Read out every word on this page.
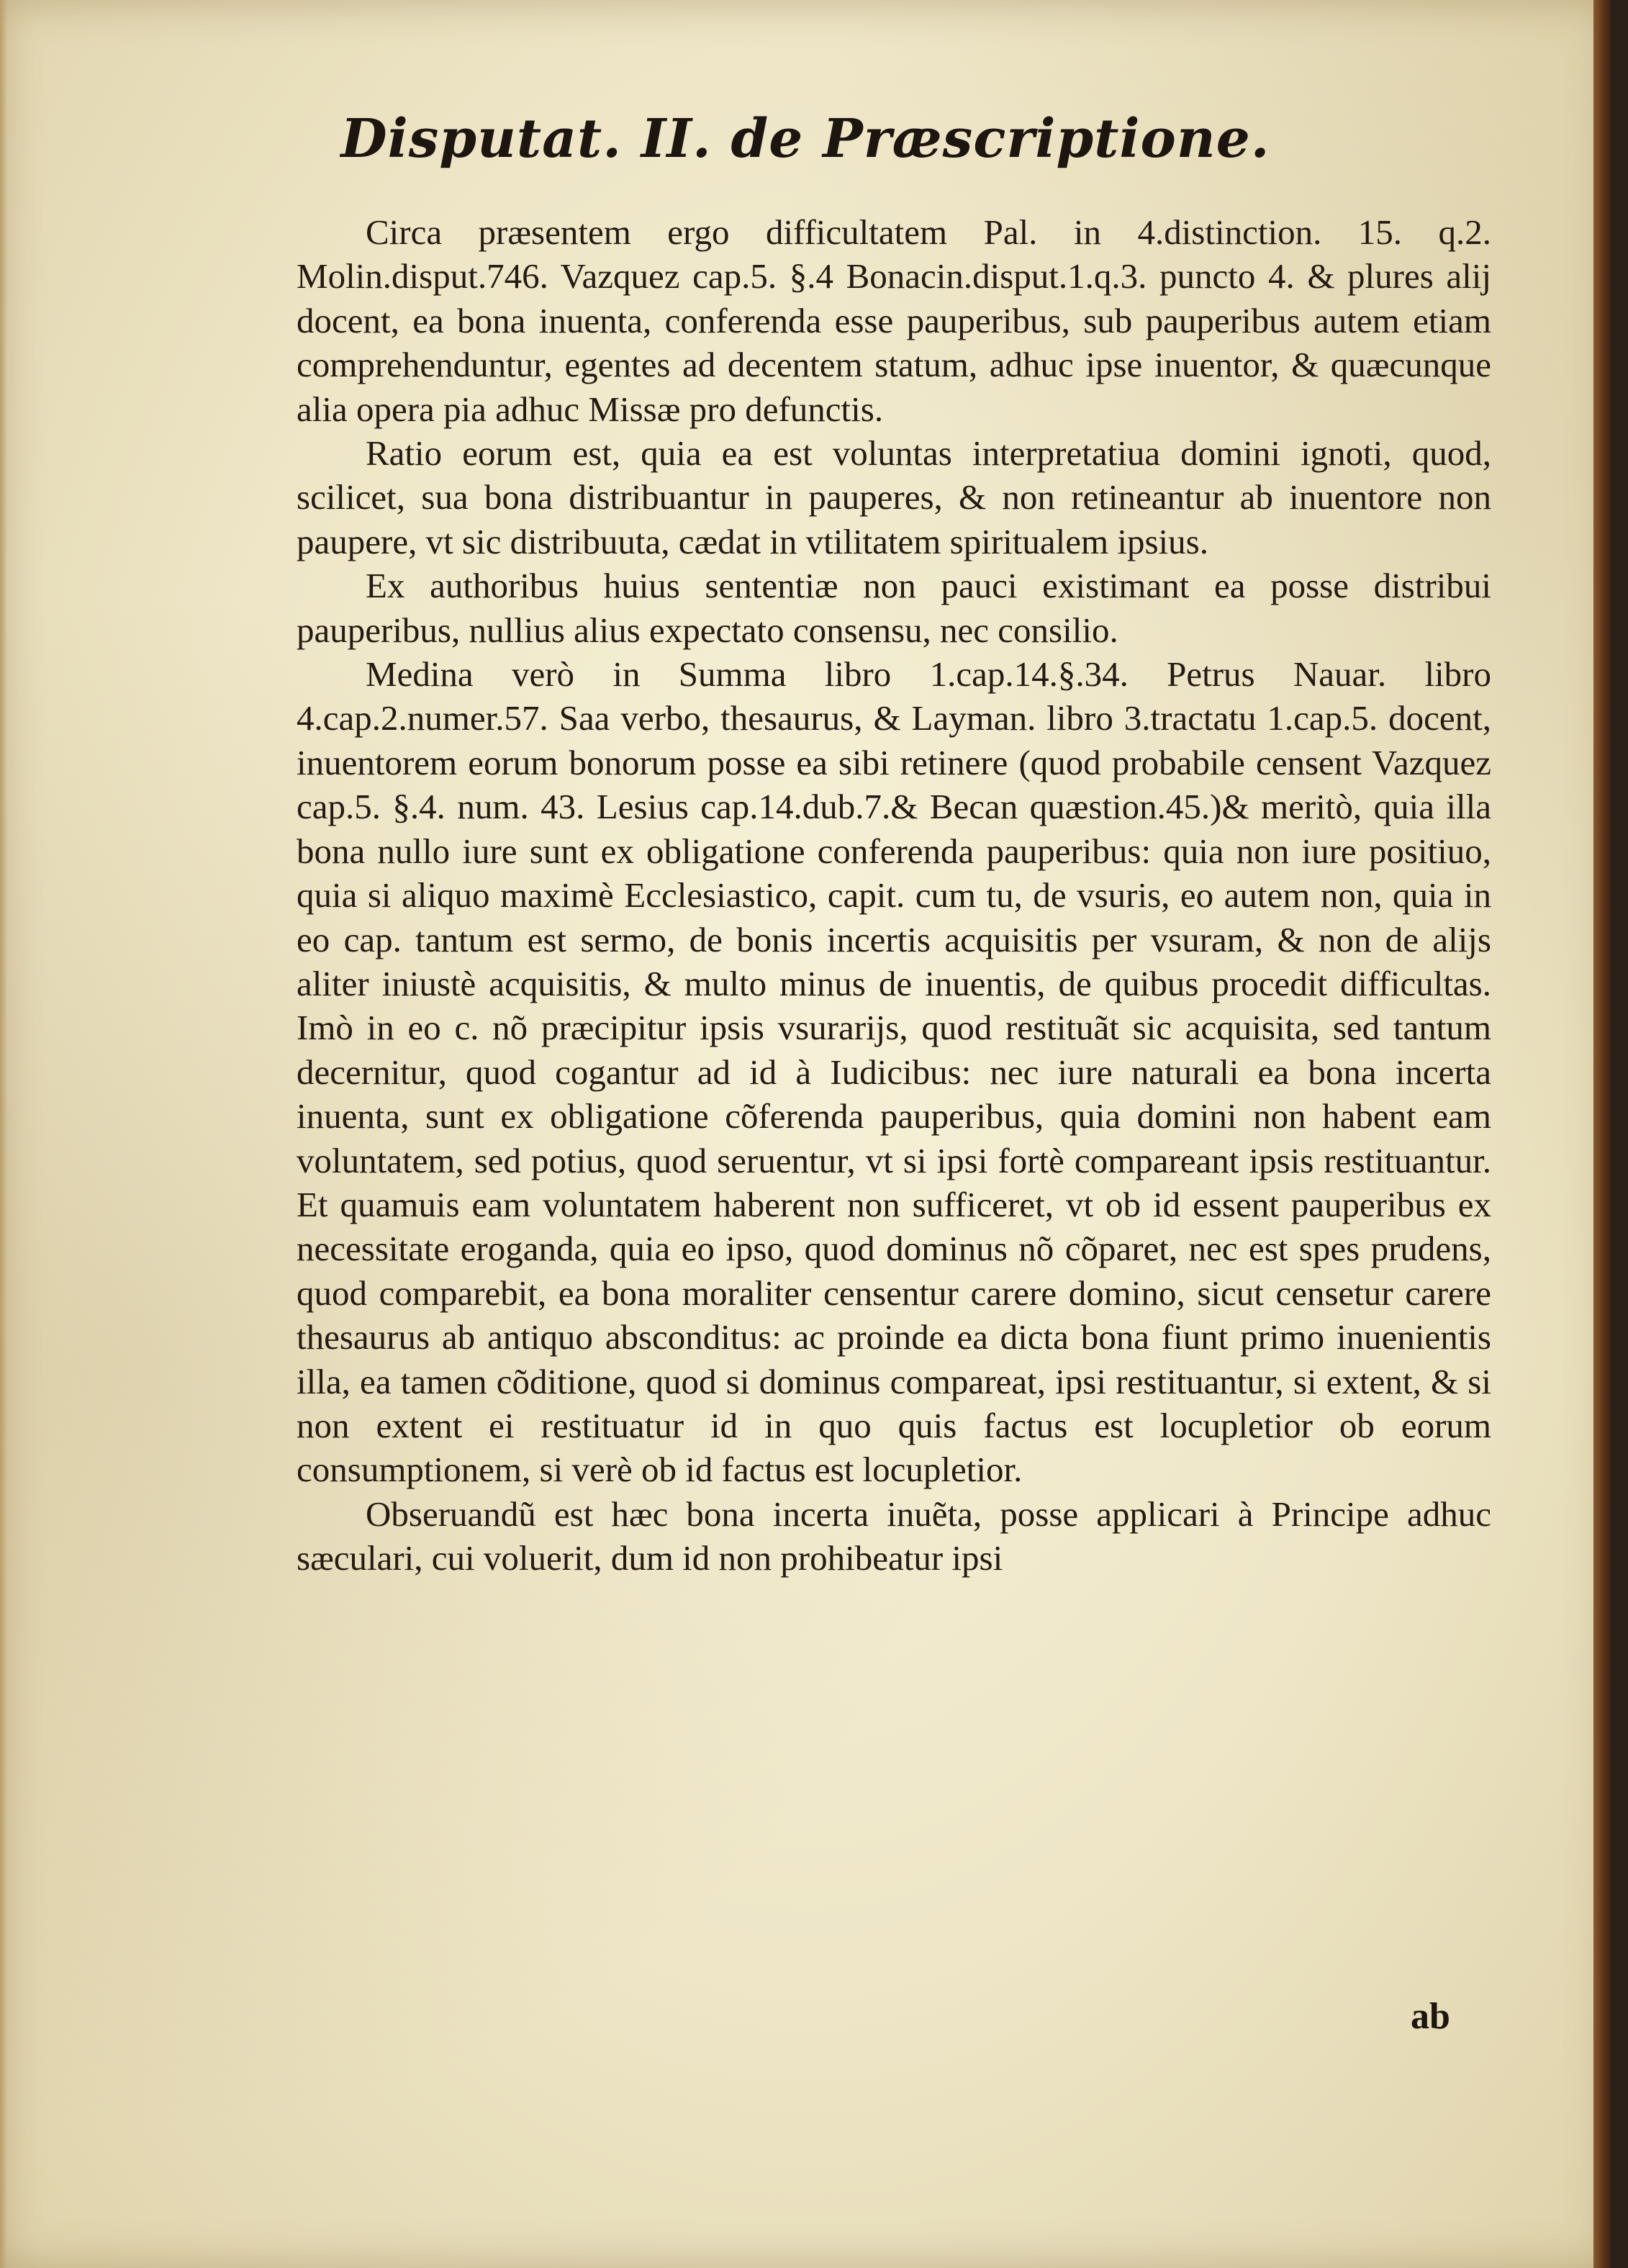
Disputat. II. de Præscriptione.

Circa præsentem ergo difficultatem Pal. in 4.distinction. 15. q.2. Molin.disput.746. Vazquez cap.5. §.4 Bonacin.disput.1.q.3. puncto 4. & plures alij docent, ea bona inuenta, conferenda esse pauperibus, sub pauperibus autem etiam comprehenduntur, egentes ad decentem statum, adhuc ipse inuentor, & quæcunque alia opera pia adhuc Missæ pro defunctis.

Ratio eorum est, quia ea est voluntas interpretatiua domini ignoti, quod, scilicet, sua bona distribuantur in pauperes, & non retineantur ab inuentore non paupere, vt sic distribuuta, cædat in vtilitatem spiritualem ipsius.

Ex authoribus huius sententiæ non pauci existimant ea posse distribui pauperibus, nullius alius expectato consensu, nec consilio.

Medina verò in Summa libro 1.cap.14.§.34. Petrus Nauar. libro 4.cap.2.numer.57. Saa verbo, thesaurus, & Layman. libro 3.tractatu 1.cap.5. docent, inuentorem eorum bonorum posse ea sibi retinere (quod probabile censent Vazquez cap.5. §.4. num. 43. Lesius cap.14.dub.7.& Becan quæstion.45.)& meritò, quia illa bona nullo iure sunt ex obligatione conferenda pauperibus: quia non iure positiuo, quia si aliquo maximè Ecclesiastico, capit. cum tu, de vsuris, eo autem non, quia in eo cap. tantum est sermo, de bonis incertis acquisitis per vsuram, & non de alijs aliter iniustè acquisitis, & multo minus de inuentis, de quibus procedit difficultas. Imò in eo c. nõ præcipitur ipsis vsurarijs, quod restituãt sic acquisita, sed tantum decernitur, quod cogantur ad id à Iudicibus: nec iure naturali ea bona incerta inuenta, sunt ex obligatione cõferenda pauperibus, quia domini non habent eam voluntatem, sed potius, quod seruentur, vt si ipsi fortè compareant ipsis restituantur. Et quamuis eam voluntatem haberent non sufficeret, vt ob id essent pauperibus ex necessitate eroganda, quia eo ipso, quod dominus nõ cõparet, nec est spes prudens, quod comparebit, ea bona moraliter censentur carere domino, sicut censetur carere thesaurus ab antiquo absconditus: ac proinde ea dicta bona fiunt primo inuenientis illa, ea tamen cõditione, quod si dominus compareat, ipsi restituantur, si extent, & si non extent ei restituatur id in quo quis factus est locupletior ob eorum consumptionem, si verè ob id factus est locupletior.

Obseruandũ est hæc bona incerta inuẽta, posse applicari à Principe adhuc sæculari, cui voluerit, dum id non prohibeatur ipsi

ab
